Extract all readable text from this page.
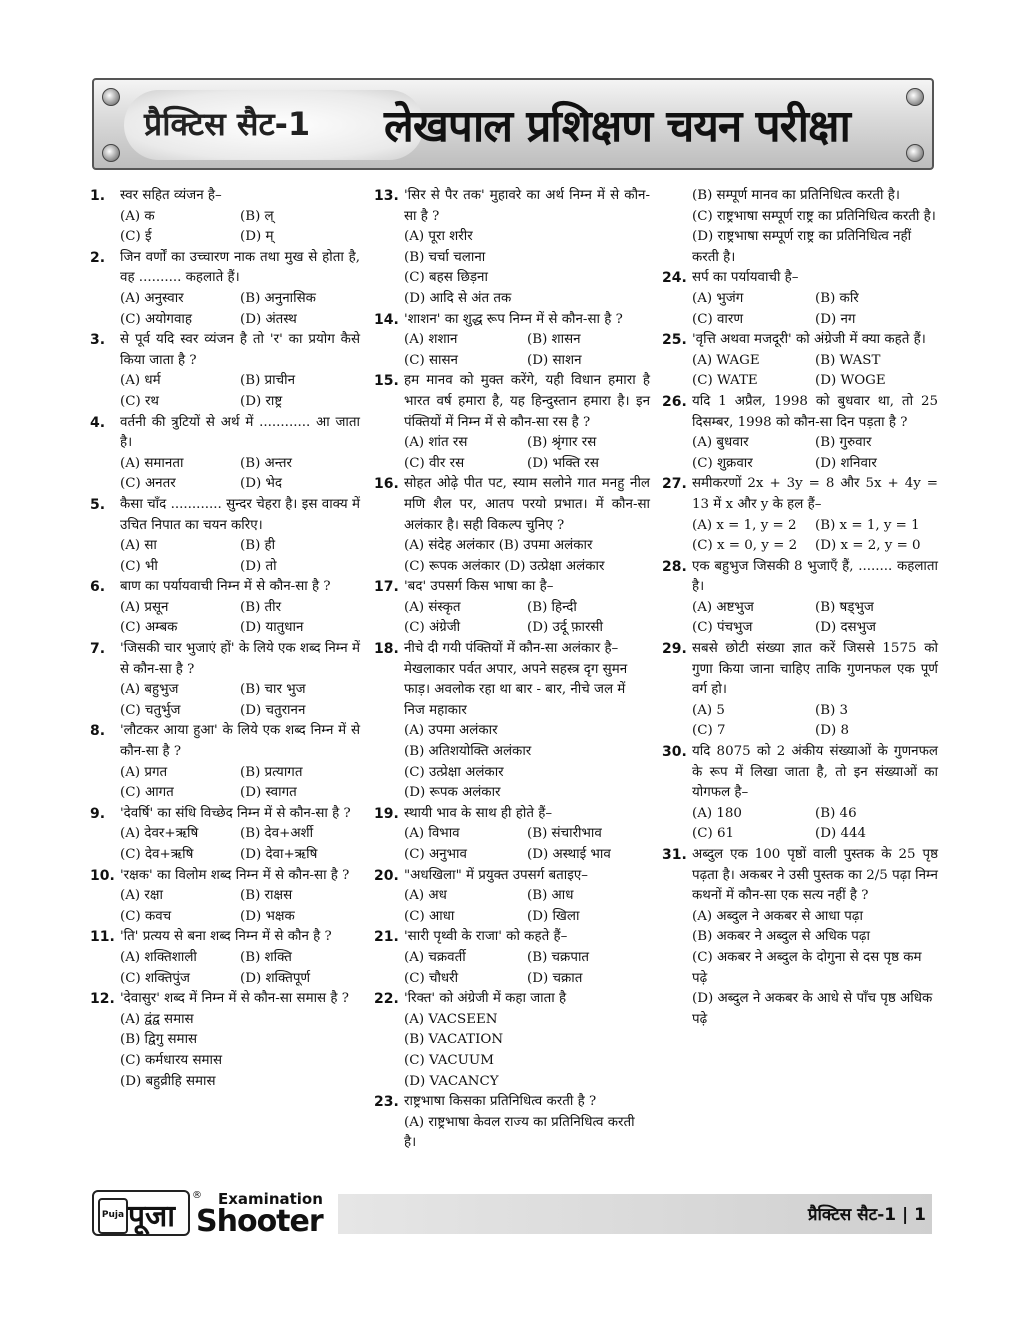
प्रैक्टिस सैट-1 लेखपाल प्रशिक्षण चयन परीक्षा
1. स्वर सहित व्यंजन है–
(A) क	(B) ल्
(C) ई	(D) म्
2. जिन वर्णों का उच्चारण नाक तथा मुख से होता है, वह .......... कहलाते हैं।
(A) अनुस्वार	(B) अनुनासिक
(C) अयोगवाह	(D) अंतस्थ
3. से पूर्व यदि स्वर व्यंजन है तो 'र' का प्रयोग कैसे किया जाता है ?
(A) धर्म	(B) प्राचीन
(C) रथ	(D) राष्ट्र
4. वर्तनी की त्रुटियों से अर्थ में ............ आ जाता है।
(A) समानता	(B) अन्तर
(C) अनतर	(D) भेद
5. कैसा चाँद ............ सुन्दर चेहरा है। इस वाक्य में उचित निपात का चयन करिए।
(A) सा	(B) ही
(C) भी	(D) तो
6. बाण का पर्यायवाची निम्न में से कौन-सा है ?
(A) प्रसून	(B) तीर
(C) अम्बक	(D) यातुधान
7. 'जिसकी चार भुजाएं हों' के लिये एक शब्द निम्न में से कौन-सा है ?
(A) बहुभुज	(B) चार भुज
(C) चतुर्भुज	(D) चतुरानन
8. 'लौटकर आया हुआ' के लिये एक शब्द निम्न में से कौन-सा है ?
(A) प्रगत	(B) प्रत्यागत
(C) आगत	(D) स्वागत
9. 'देवर्षि' का संधि विच्छेद निम्न में से कौन-सा है ?
(A) देवर+ऋषि	(B) देव+अर्शी
(C) देव+ऋषि	(D) देवा+ऋषि
10. 'रक्षक' का विलोम शब्द निम्न में से कौन-सा है ?
(A) रक्षा	(B) राक्षस
(C) कवच	(D) भक्षक
11. 'ति' प्रत्यय से बना शब्द निम्न में से कौन है ?
(A) शक्तिशाली	(B) शक्ति
(C) शक्तिपुंज	(D) शक्तिपूर्ण
12. 'देवासुर' शब्द में निम्न में से कौन-सा समास है ?
(A) द्वंद्व समास
(B) द्विगु समास
(C) कर्मधारय समास
(D) बहुव्रीहि समास
13. 'सिर से पैर तक' मुहावरे का अर्थ निम्न में से कौन-सा है ?
(A) पूरा शरीर
(B) चर्चा चलाना
(C) बहस छिड़ना
(D) आदि से अंत तक
14. 'शाशन' का शुद्ध रूप निम्न में से कौन-सा है ?
(A) शशान	(B) शासन
(C) सासन	(D) साशन
15. हम मानव को मुक्त करेंगे, यही विधान हमारा है भारत वर्ष हमारा है, यह हिन्दुस्तान हमारा है। इन पंक्तियों में निम्न में से कौन-सा रस है ?
(A) शांत रस	(B) श्रृंगार रस
(C) वीर रस	(D) भक्ति रस
16. सोहत ओढ़े पीत पट, स्याम सलोने गात मनहु नील मणि शैल पर, आतप परयो प्रभात। में कौन-सा अलंकार है। सही विकल्प चुनिए ?
(A) संदेह अलंकार (B) उपमा अलंकार
(C) रूपक अलंकार (D) उत्प्रेक्षा अलंकार
17. 'बद' उपसर्ग किस भाषा का है–
(A) संस्कृत	(B) हिन्दी
(C) अंग्रेजी	(D) उर्दू फ़ारसी
18. नीचे दी गयी पंक्तियों में कौन-सा अलंकार है–
मेखलाकार पर्वत अपार, अपने सहस्त्र दृग सुमन फाड़। अवलोक रहा था बार - बार, नीचे जल में निज महाकार
(A) उपमा अलंकार
(B) अतिशयोक्ति अलंकार
(C) उत्प्रेक्षा अलंकार
(D) रूपक अलंकार
19. स्थायी भाव के साथ ही होते हैं–
(A) विभाव	(B) संचारीभाव
(C) अनुभाव	(D) अस्थाई भाव
20. "अधखिला" में प्रयुक्त उपसर्ग बताइए–
(A) अध	(B) आध
(C) आधा	(D) खिला
21. 'सारी पृथ्वी के राजा' को कहते हैं–
(A) चक्रवर्ती	(B) चक्रपात
(C) चौधरी	(D) चक्रात
22. 'रिक्त' को अंग्रेजी में कहा जाता है
(A) VACSEEN
(B) VACATION
(C) VACUUM
(D) VACANCY
23. राष्ट्रभाषा किसका प्रतिनिधित्व करती है ?
(A) राष्ट्रभाषा केवल राज्य का प्रतिनिधित्व करती है।
(B) सम्पूर्ण मानव का प्रतिनिधित्व करती है।
(C) राष्ट्रभाषा सम्पूर्ण राष्ट्र का प्रतिनिधित्व करती है।
(D) राष्ट्रभाषा सम्पूर्ण राष्ट्र का प्रतिनिधित्व नहीं करती है।
24. सर्प का पर्यायवाची है–
(A) भुजंग	(B) करि
(C) वारण	(D) नग
25. 'वृत्ति अथवा मजदूरी' को अंग्रेजी में क्या कहते हैं।
(A) WAGE	(B) WAST
(C) WATE	(D) WOGE
26. यदि 1 अप्रैल, 1998 को बुधवार था, तो 25 दिसम्बर, 1998 को कौन-सा दिन पड़ता है ?
(A) बुधवार	(B) गुरुवार
(C) शुक्रवार	(D) शनिवार
27. समीकरणों 2x + 3y = 8 और 5x + 4y = 13 में x और y के हल हैं–
(A) x = 1, y = 2	(B) x = 1, y = 1
(C) x = 0, y = 2	(D) x = 2, y = 0
28. एक बहुभुज जिसकी 8 भुजाएँ हैं, ........ कहलाता है।
(A) अष्टभुज	(B) षड्भुज
(C) पंचभुज	(D) दसभुज
29. सबसे छोटी संख्या ज्ञात करें जिससे 1575 को गुणा किया जाना चाहिए ताकि गुणनफल एक पूर्ण वर्ग हो।
(A) 5	(B) 3
(C) 7	(D) 8
30. यदि 8075 को 2 अंकीय संख्याओं के गुणनफल के रूप में लिखा जाता है, तो इन संख्याओं का योगफल है–
(A) 180	(B) 46
(C) 61	(D) 444
31. अब्दुल एक 100 पृष्ठों वाली पुस्तक के 25 पृष्ठ पढ़ता है। अकबर ने उसी पुस्तक का 2/5 पढ़ा निम्न कथनों में कौन-सा एक सत्य नहीं है ?
(A) अब्दुल ने अकबर से आधा पढ़ा
(B) अकबर ने अब्दुल से अधिक पढ़ा
(C) अकबर ने अब्दुल के दोगुना से दस पृष्ठ कम पढ़े
(D) अब्दुल ने अकबर के आधे से पाँच पृष्ठ अधिक पढ़े
Puja पूजा
® Examination
Shooter	प्रैक्टिस सैट-1 | 1
